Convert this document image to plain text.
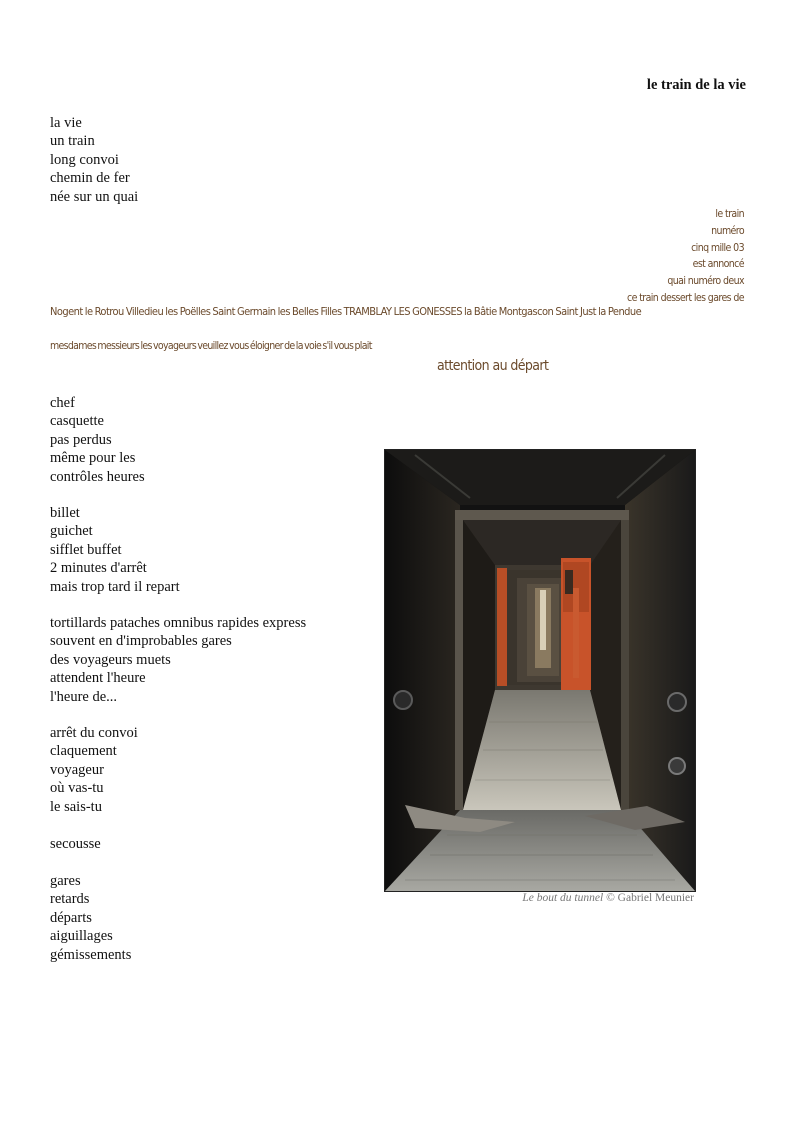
le train de la vie
la vie
un train
long convoi
chemin de fer
née sur un quai
le train
numéro
cinq mille 03
est annoncé
quai numéro deux
ce train dessert les gares de
Nogent le Rotrou Villedieu les Poëlles Saint Germain les Belles Filles TRAMBLAY LES GONESSES la Bâtie Montgascon Saint Just la Pendue
mesdames messieurs les voyageurs veuillez vous éloigner de la voie s'il vous plait
attention au départ
chef
casquette
pas perdus
même pour les
contrôles heures
billet
guichet
sifflet buffet
2 minutes d'arrêt
mais trop tard il repart
tortillards pataches omnibus rapides express
souvent en d'improbables gares
des voyageurs muets
attendent l'heure
l'heure de...
arrêt du convoi
claquement
voyageur
où vas-tu
le sais-tu
secousse
gares
retards
départs
aiguillages
gémissements
Le bout du tunnel © Gabriel Meunier
